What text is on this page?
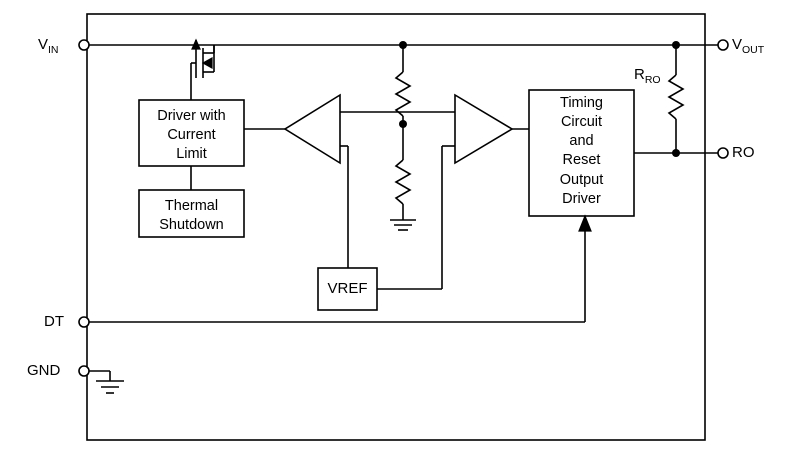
$V_{IN}$
DT
GND
$V_{OUT}$
RO
Driver with
Current
Limit
Thermal
Shutdown
VREF
Timing
Circuit
and
Reset
Output
Driver
$R_{RO}$
